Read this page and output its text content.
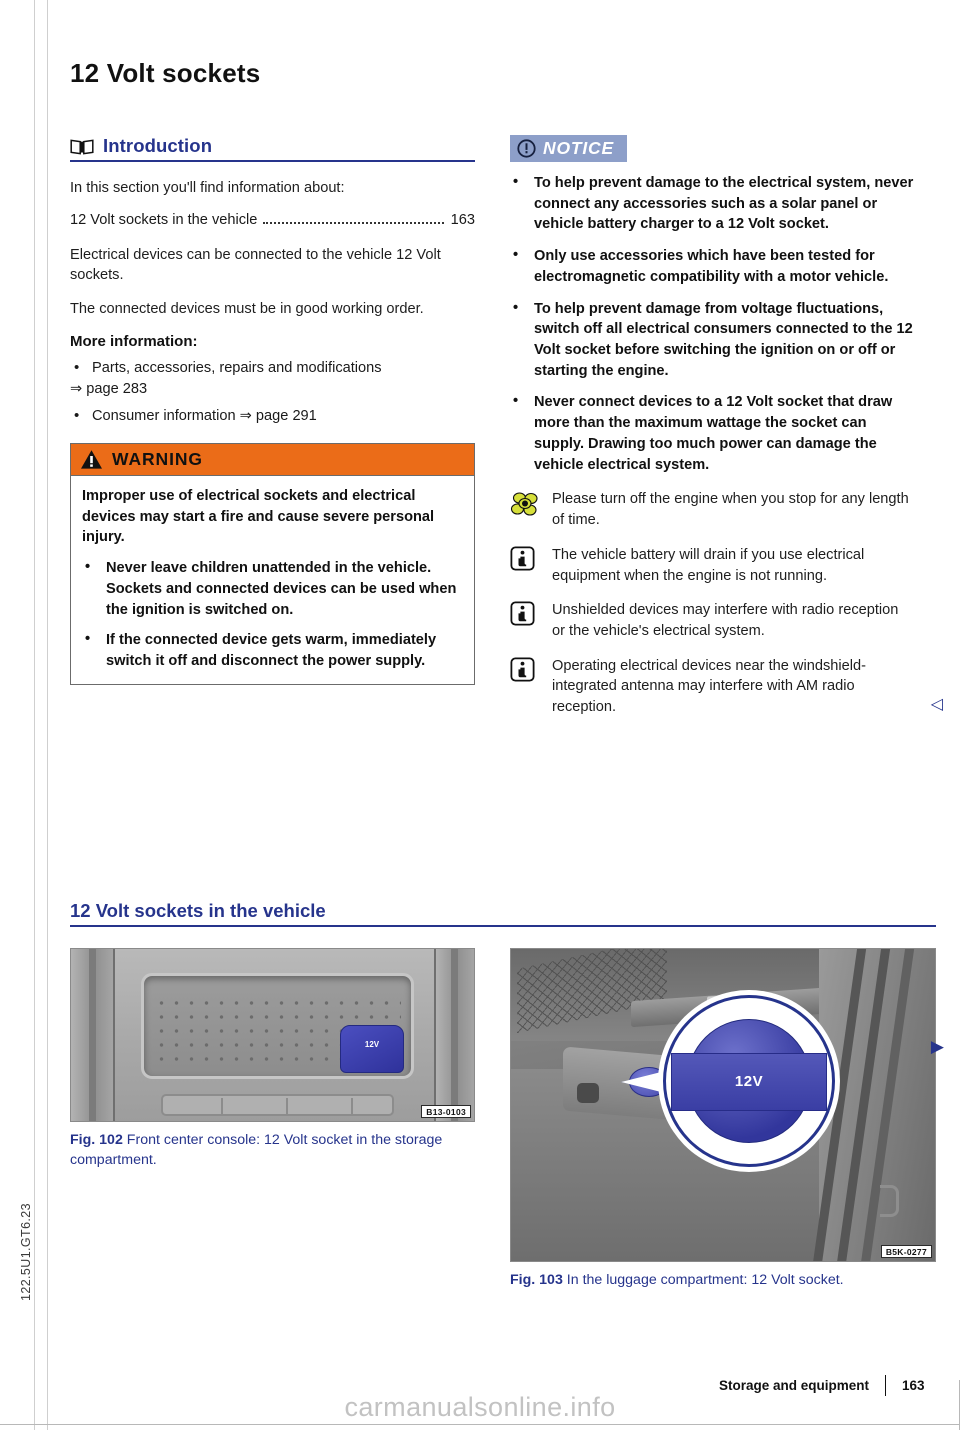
122.5U1.GT6.23
12 Volt sockets
Introduction

In this section you'll find information about:

12 Volt sockets in the vehicle	163

Electrical devices can be connected to the vehicle 12 Volt sockets.

The connected devices must be in good working order.

More information:
• Parts, accessories, repairs and modifications
⇒ page 283
• Consumer information ⇒ page 291
WARNING

Improper use of electrical sockets and electrical devices may start a fire and cause severe personal injury.

• Never leave children unattended in the vehicle. Sockets and connected devices can be used when the ignition is switched on.
• If the connected device gets warm, immediately switch it off and disconnect the power supply.
NOTICE
• To help prevent damage to the electrical system, never connect any accessories such as a solar panel or vehicle battery charger to a 12 Volt socket.
• Only use accessories which have been tested for electromagnetic compatibility with a motor vehicle.
• To help prevent damage from voltage fluctuations, switch off all electrical consumers connected to the 12 Volt socket before switching the ignition on or off or starting the engine.
• Never connect devices to a 12 Volt socket that draw more than the maximum wattage the socket can supply. Drawing too much power can damage the vehicle electrical system.
Please turn off the engine when you stop for any length of time.
The vehicle battery will drain if you use electrical equipment when the engine is not running.
Unshielded devices may interfere with radio reception or the vehicle's electrical system.
Operating electrical devices near the windshield-integrated antenna may interfere with AM radio reception.	◁
12 Volt sockets in the vehicle
12V
B13-0103
Fig. 102 Front center console: 12 Volt socket in the storage compartment.
12V
B5K-0277
Fig. 103 In the luggage compartment: 12 Volt socket.
▶
Storage and equipment	163
carmanualsonline.info
